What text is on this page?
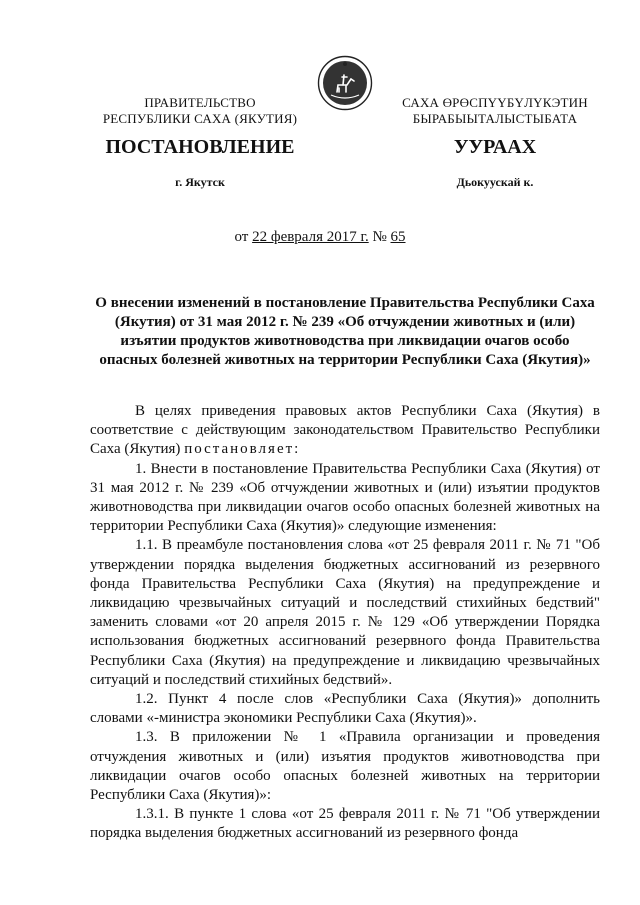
ПРАВИТЕЛЬСТВО
РЕСПУБЛИКИ САХА (ЯКУТИЯ)
САХА ӨРӨСПҮҮБҮЛҮКЭТИН
БЫРАБЫЫТАЛЫСТЫБАТА
ПОСТАНОВЛЕНИЕ	УУРААХ
г. Якутск	Дьокуускай к.
от 22 февраля 2017 г. № 65
О внесении изменений в постановление Правительства Республики Саха (Якутия) от 31 мая 2012 г. № 239 «Об отчуждении животных и (или) изъятии продуктов животноводства при ликвидации очагов особо опасных болезней животных на территории Республики Саха (Якутия)»

В целях приведения правовых актов Республики Саха (Якутия) в соответствие с действующим законодательством Правительство Республики Саха (Якутия) постановляет:

1. Внести в постановление Правительства Республики Саха (Якутия) от 31 мая 2012 г. № 239 «Об отчуждении животных и (или) изъятии продуктов животноводства при ликвидации очагов особо опасных болезней животных на территории Республики Саха (Якутия)» следующие изменения:

1.1. В преамбуле постановления слова «от 25 февраля 2011 г. № 71 "Об утверждении порядка выделения бюджетных ассигнований из резервного фонда Правительства Республики Саха (Якутия) на предупреждение и ликвидацию чрезвычайных ситуаций и последствий стихийных бедствий" заменить словами «от 20 апреля 2015 г. № 129 «Об утверждении Порядка использования бюджетных ассигнований резервного фонда Правительства Республики Саха (Якутия) на предупреждение и ликвидацию чрезвычайных ситуаций и последствий стихийных бедствий».

1.2. Пункт 4 после слов «Республики Саха (Якутия)» дополнить словами «-министра экономики Республики Саха (Якутия)».

1.3. В приложении № 1 «Правила организации и проведения отчуждения животных и (или) изъятия продуктов животноводства при ликвидации очагов особо опасных болезней животных на территории Республики Саха (Якутия)»:

1.3.1. В пункте 1 слова «от 25 февраля 2011 г. № 71 "Об утверждении порядка выделения бюджетных ассигнований из резервного фонда
